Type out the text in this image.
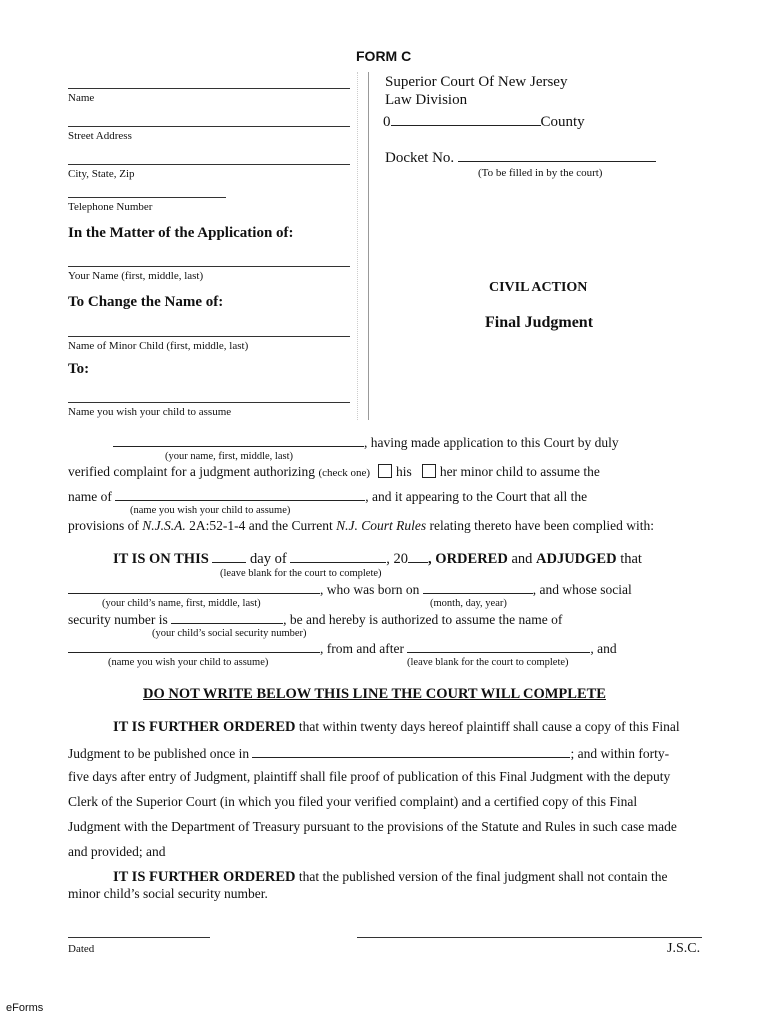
FORM C
Name
Street Address
City, State, Zip
Telephone Number
In the Matter of the Application of:
Your Name (first, middle, last)
To Change the Name of:
Name of Minor Child (first, middle, last)
To:
Name you wish your child to assume
Superior Court Of New Jersey
Law Division
0	County
Docket No.
(To be filled in by the court)
CIVIL ACTION
Final Judgment
, having made application to this Court by duly
(your name, first, middle, last)
verified complaint for a judgment authorizing (check one) his her minor child to assume the
name of	, and it appearing to the Court that all the
(name you wish your child to assume)
provisions of N.J.S.A. 2A:52-1-4 and the Current N.J. Court Rules relating thereto have been complied with:
IT IS ON THIS	day of	, 20 , ORDERED and ADJUDGED that
(leave blank for the court to complete)
, who was born on	, and whose social
(your child’s name, first, middle, last)	(month, day, year)
security number is	, be and hereby is authorized to assume the name of
(your child’s social security number)
, from and after	, and
(name you wish your child to assume)	(leave blank for the court to complete)
DO NOT WRITE BELOW THIS LINE THE COURT WILL COMPLETE
IT IS FURTHER ORDERED that within twenty days hereof plaintiff shall cause a copy of this Final
Judgment to be published once in	; and within forty-
five days after entry of Judgment, plaintiff shall file proof of publication of this Final Judgment with the deputy
Clerk of the Superior Court (in which you filed your verified complaint) and a certified copy of this Final
Judgment with the Department of Treasury pursuant to the provisions of the Statute and Rules in such case made
and provided; and
IT IS FURTHER ORDERED that the published version of the final judgment shall not contain the
minor child’s social security number.
Dated	J.S.C.
eForms
